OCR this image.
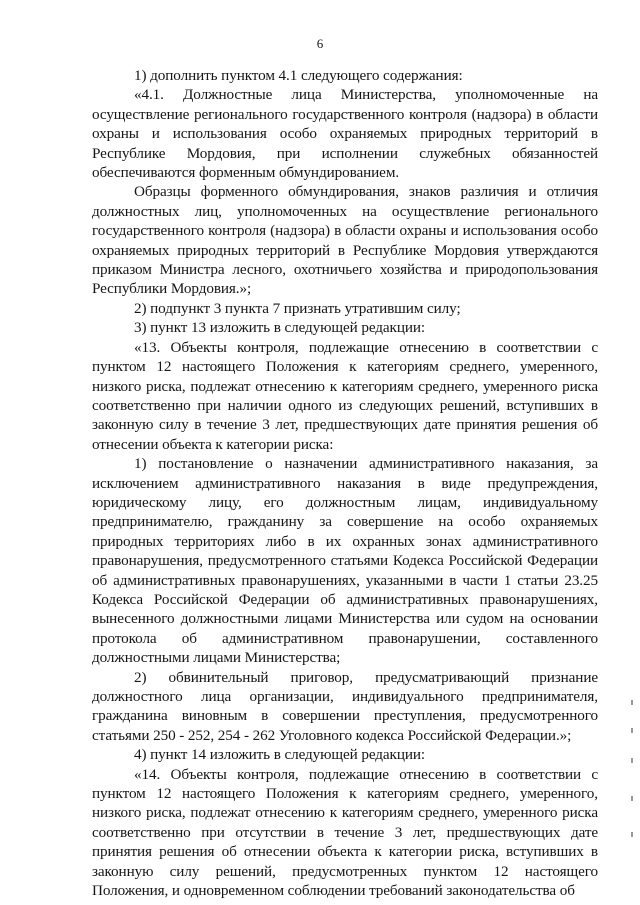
6

1) дополнить пунктом 4.1 следующего содержания:

«4.1. Должностные лица Министерства, уполномоченные на осуществление регионального государственного контроля (надзора) в области охраны и использования особо охраняемых природных территорий в Республике Мордовия, при исполнении служебных обязанностей обеспечиваются форменным обмундированием.

Образцы форменного обмундирования, знаков различия и отличия должностных лиц, уполномоченных на осуществление регионального государственного контроля (надзора) в области охраны и использования особо охраняемых природных территорий в Республике Мордовия утверждаются приказом Министра лесного, охотничьего хозяйства и природопользования Республики Мордовия.»;

2) подпункт 3 пункта 7 признать утратившим силу;

3) пункт 13 изложить в следующей редакции:

«13. Объекты контроля, подлежащие отнесению в соответствии с пунктом 12 настоящего Положения к категориям среднего, умеренного, низкого риска, подлежат отнесению к категориям среднего, умеренного риска соответственно при наличии одного из следующих решений, вступивших в законную силу в течение 3 лет, предшествующих дате принятия решения об отнесении объекта к категории риска:

1) постановление о назначении административного наказания, за исключением административного наказания в виде предупреждения, юридическому лицу, его должностным лицам, индивидуальному предпринимателю, гражданину за совершение на особо охраняемых природных территориях либо в их охранных зонах административного правонарушения, предусмотренного статьями Кодекса Российской Федерации об административных правонарушениях, указанными в части 1 статьи 23.25 Кодекса Российской Федерации об административных правонарушениях, вынесенного должностными лицами Министерства или судом на основании протокола об административном правонарушении, составленного должностными лицами Министерства;

2) обвинительный приговор, предусматривающий признание должностного лица организации, индивидуального предпринимателя, гражданина виновным в совершении преступления, предусмотренного статьями 250 - 252, 254 - 262 Уголовного кодекса Российской Федерации.»;

4) пункт 14 изложить в следующей редакции:

«14. Объекты контроля, подлежащие отнесению в соответствии с пунктом 12 настоящего Положения к категориям среднего, умеренного, низкого риска, подлежат отнесению к категориям среднего, умеренного риска соответственно при отсутствии в течение 3 лет, предшествующих дате принятия решения об отнесении объекта к категории риска, вступивших в законную силу решений, предусмотренных пунктом 12 настоящего Положения, и одновременном соблюдении требований законодательства об
